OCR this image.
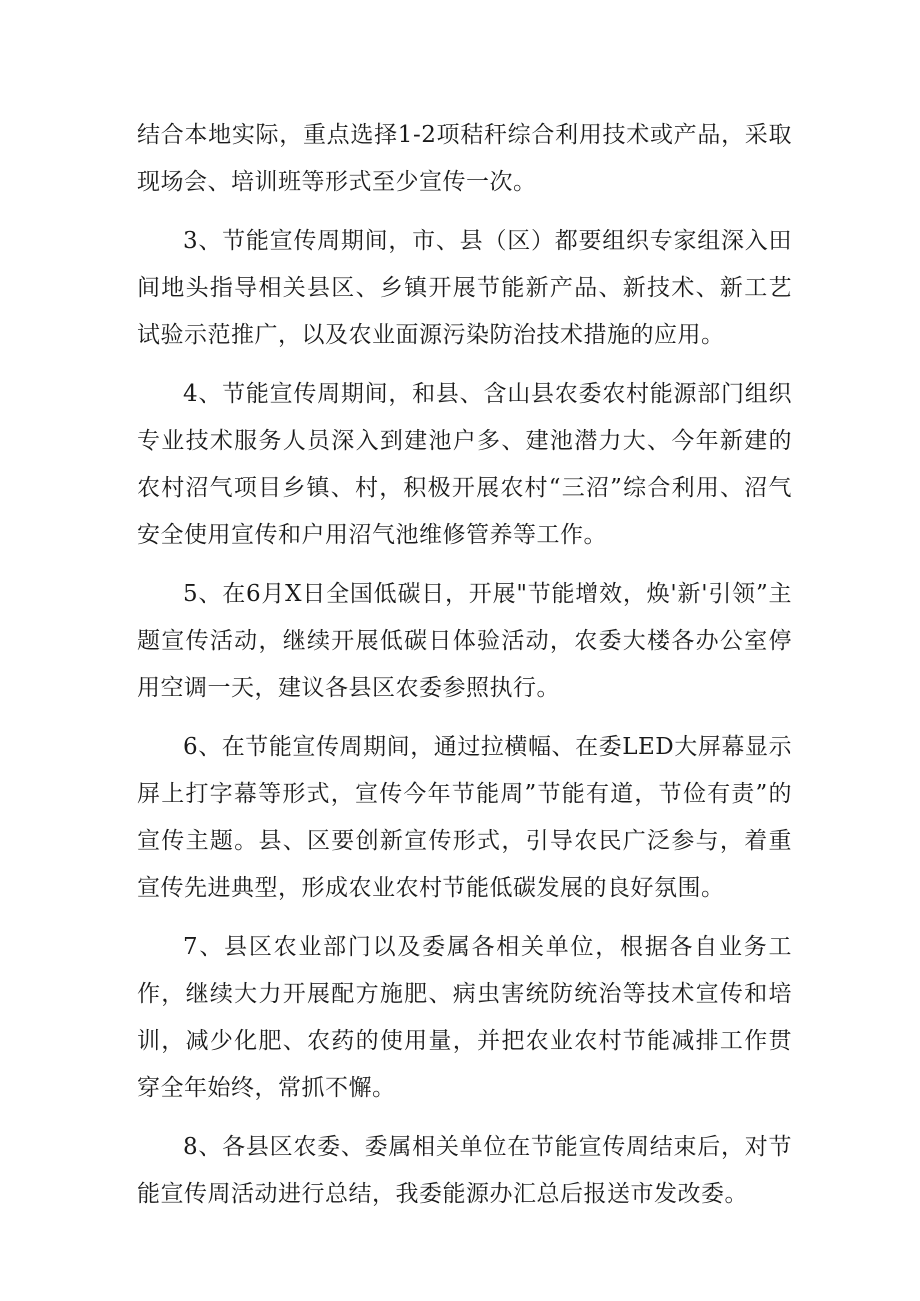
结合本地实际，重点选择1-2项秸秆综合利用技术或产品，采取现场会、培训班等形式至少宣传一次。

3、节能宣传周期间，市、县（区）都要组织专家组深入田间地头指导相关县区、乡镇开展节能新产品、新技术、新工艺试验示范推广，以及农业面源污染防治技术措施的应用。

4、节能宣传周期间，和县、含山县农委农村能源部门组织专业技术服务人员深入到建池户多、建池潜力大、今年新建的农村沼气项目乡镇、村，积极开展农村“三沼”综合利用、沼气安全使用宣传和户用沼气池维修管养等工作。

5、在6月X日全国低碳日，开展"节能增效，焕'新'引领”主题宣传活动，继续开展低碳日体验活动，农委大楼各办公室停用空调一天，建议各县区农委参照执行。

6、在节能宣传周期间，通过拉横幅、在委LED大屏幕显示屏上打字幕等形式，宣传今年节能周”节能有道，节俭有责”的宣传主题。县、区要创新宣传形式，引导农民广泛参与，着重宣传先进典型，形成农业农村节能低碳发展的良好氛围。

7、县区农业部门以及委属各相关单位，根据各自业务工作，继续大力开展配方施肥、病虫害统防统治等技术宣传和培训，减少化肥、农药的使用量，并把农业农村节能减排工作贯穿全年始终，常抓不懈。

8、各县区农委、委属相关单位在节能宣传周结束后，对节能宣传周活动进行总结，我委能源办汇总后报送市发改委。
